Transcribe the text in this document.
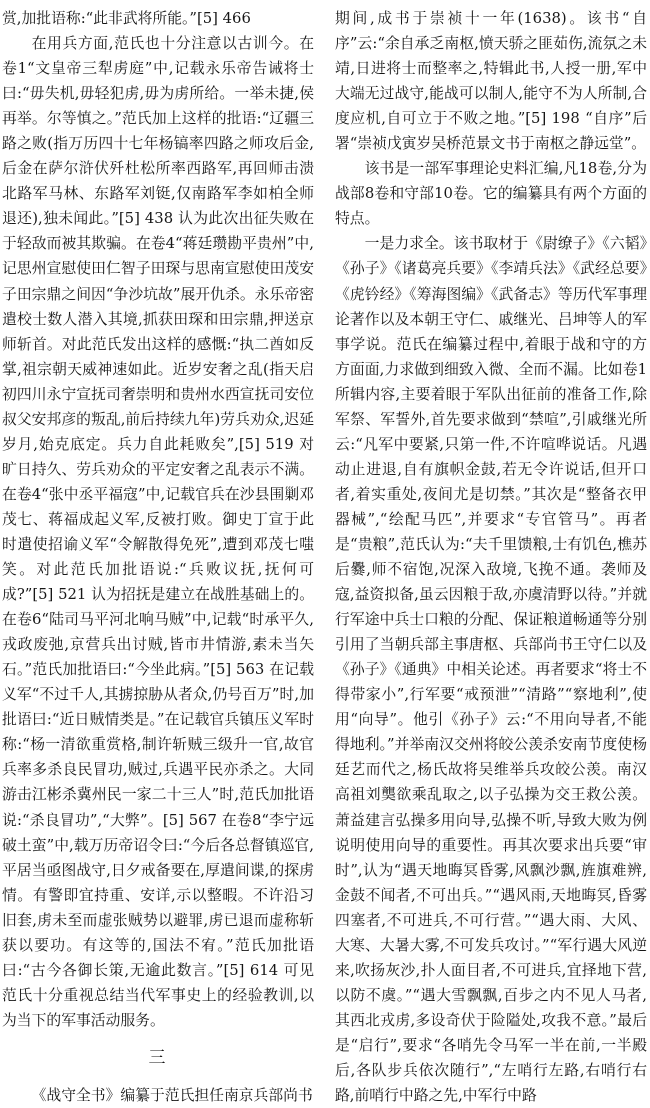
赏,加批语称:“此非武将所能。”[5] 466

在用兵方面,范氏也十分注意以古训今。在卷1“文皇帝三犁虏庭”中,记载永乐帝告诫将士曰:“毋失机,毋轻犯虏,毋为虏所给。一举未捷,侯再举。尔等慎之。”范氏加上这样的批语:“辽疆三路之败(指万历四十七年杨镐率四路之师攻后金,后金在萨尔浒伏歼杜松所率西路军,再回师击溃北路军马林、东路军刘铤,仅南路军李如柏全师退还),独未闻此。”[5] 438 认为此次出征失败在于轻敌而被其欺骗。在卷4“蒋廷瓒勘平贵州”中,记思州宣慰使田仁智子田琛与思南宣慰使田茂安子田宗鼎之间因“争沙坑故”展开仇杀。永乐帝密遣校士数人潜入其境,抓获田琛和田宗鼎,押送京师斩首。对此范氏发出这样的感慨:“执二酋如反掌,祖宗朝天威神速如此。近岁安奢之乱(指天启初四川永宁宣抚司奢崇明和贵州水西宣抚司安位叔父安邦彦的叛乱,前后持续九年)劳兵劝众,迟延岁月,始克底定。兵力自此耗败矣”,[5] 519 对旷日持久、劳兵劝众的平定安奢之乱表示不满。在卷4“张中丞平福寇”中,记载官兵在沙县围剿邓茂七、蒋福成起义军,反被打败。御史丁宣于此时遣使招谕义军“令解散得免死”,遭到邓茂七嗤笑。对此范氏加批语说:“兵败议抚,抚何可成?”[5] 521 认为招抚是建立在战胜基础上的。在卷6“陆司马平河北响马贼”中,记载“时承平久,戎政废弛,京营兵出讨贼,皆市井情游,素未当矢石。”范氏加批语曰:“今坐此病。”[5] 563 在记载义军“不过千人,其掳掠胁从者众,仍号百万”时,加批语曰:“近日贼情类是。”在记载官兵镇压义军时称:“杨一清欲重赏格,制许斩贼三级升一官,故官兵率多杀良民冒功,贼过,兵遇平民亦杀之。大同游击江彬杀冀州民一家二十三人”时,范氏加批语说:“杀良冒功”,“大弊”。[5] 567 在卷8“李宁远破土蛮”中,载万历帝诏令曰:“今后各总督镇巡官,平居当亟图战守,日夕戒备要在,厚遣间谍,的探虏情。有警即宜持重、安详,示以整暇。不许沿习旧套,虏未至而虚张贼势以避罪,虏已退而虚称斩获以要功。有这等的,国法不宥。”范氏加批语曰:“古今各御长策,无逾此数言。”[5] 614 可见范氏十分重视总结当代军事史上的经验教训,以为当下的军事活动服务。

三

《战守全书》编纂于范氏担任南京兵部尚书

期间,成书于崇祯十一年(1638)。该书“自序”云:“余自承乏南枢,愤天骄之匪茹伤,流氛之未靖,日进将士而整率之,特辑此书,人授一册,军中大端无过战守,能战可以制人,能守不为人所制,合度应机,自可立于不败之地。”[5] 198 “自序”后署“崇祯戊寅岁吴桥范景文书于南枢之静远堂”。

该书是一部军事理论史料汇编,凡18卷,分为战部8卷和守部10卷。它的编纂具有两个方面的特点。

一是力求全。该书取材于《尉缭子》《六韬》《孙子》《诸葛亮兵要》《李靖兵法》《武经总要》《虎钤经》《筹海图编》《武备志》等历代军事理论著作以及本朝王守仁、戚继光、吕坤等人的军事学说。范氏在编纂过程中,着眼于战和守的方方面面,力求做到细致入微、全而不漏。比如卷1所辑内容,主要着眼于军队出征前的准备工作,除军祭、军誓外,首先要求做到“禁喧”,引戚继光所云:“凡军中要紧,只第一件,不许喧哗说话。凡遇动止进退,自有旗帜金鼓,若无令许说话,但开口者,着实重处,夜间尤是切禁。”其次是“整备衣甲器械”,“绘配马匹”,并要求“专官管马”。再者是“贵粮”,范氏认为:“夫千里馈粮,士有饥色,樵苏后爨,师不宿饱,况深入敌境,飞挽不通。袭师及寇,益资拟备,虽云因粮于敌,亦虞清野以待。”并就行军途中兵士口粮的分配、保证粮道畅通等分别引用了当朝兵部主事唐枢、兵部尚书王守仁以及《孙子》《通典》中相关论述。再者要求“将士不得带家小”,行军要“戒预泄”“清路”“察地利”,使用“向导”。他引《孙子》云:“不用向导者,不能得地利。”并举南汉交州将皎公羡杀安南节度使杨廷艺而代之,杨氏故将吴维举兵攻皎公羡。南汉高祖刘龑欲乘乱取之,以子弘操为交王救公羡。萧益建言弘操多用向导,弘操不听,导致大败为例说明使用向导的重要性。再其次要求出兵要“审时”,认为“遇天地晦冥昏雾,风飘沙飘,旌旗难辨,金鼓不闻者,不可出兵。”“遇风雨,天地晦冥,昏雾四塞者,不可进兵,不可行营。”“遇大雨、大风、大寒、大暑大雾,不可发兵攻讨。”“军行遇大风逆来,吹扬灰沙,扑人面目者,不可进兵,宜择地下营,以防不虞。”“遇大雪飘飘,百步之内不见人马者,其西北戎虏,多设奇伏于险隘处,攻我不意。”最后是“启行”,要求“各哨先令马军一半在前,一半殿后,各队步兵依次随行”,“左哨行左路,右哨行右路,前哨行中路之先,中军行中路
